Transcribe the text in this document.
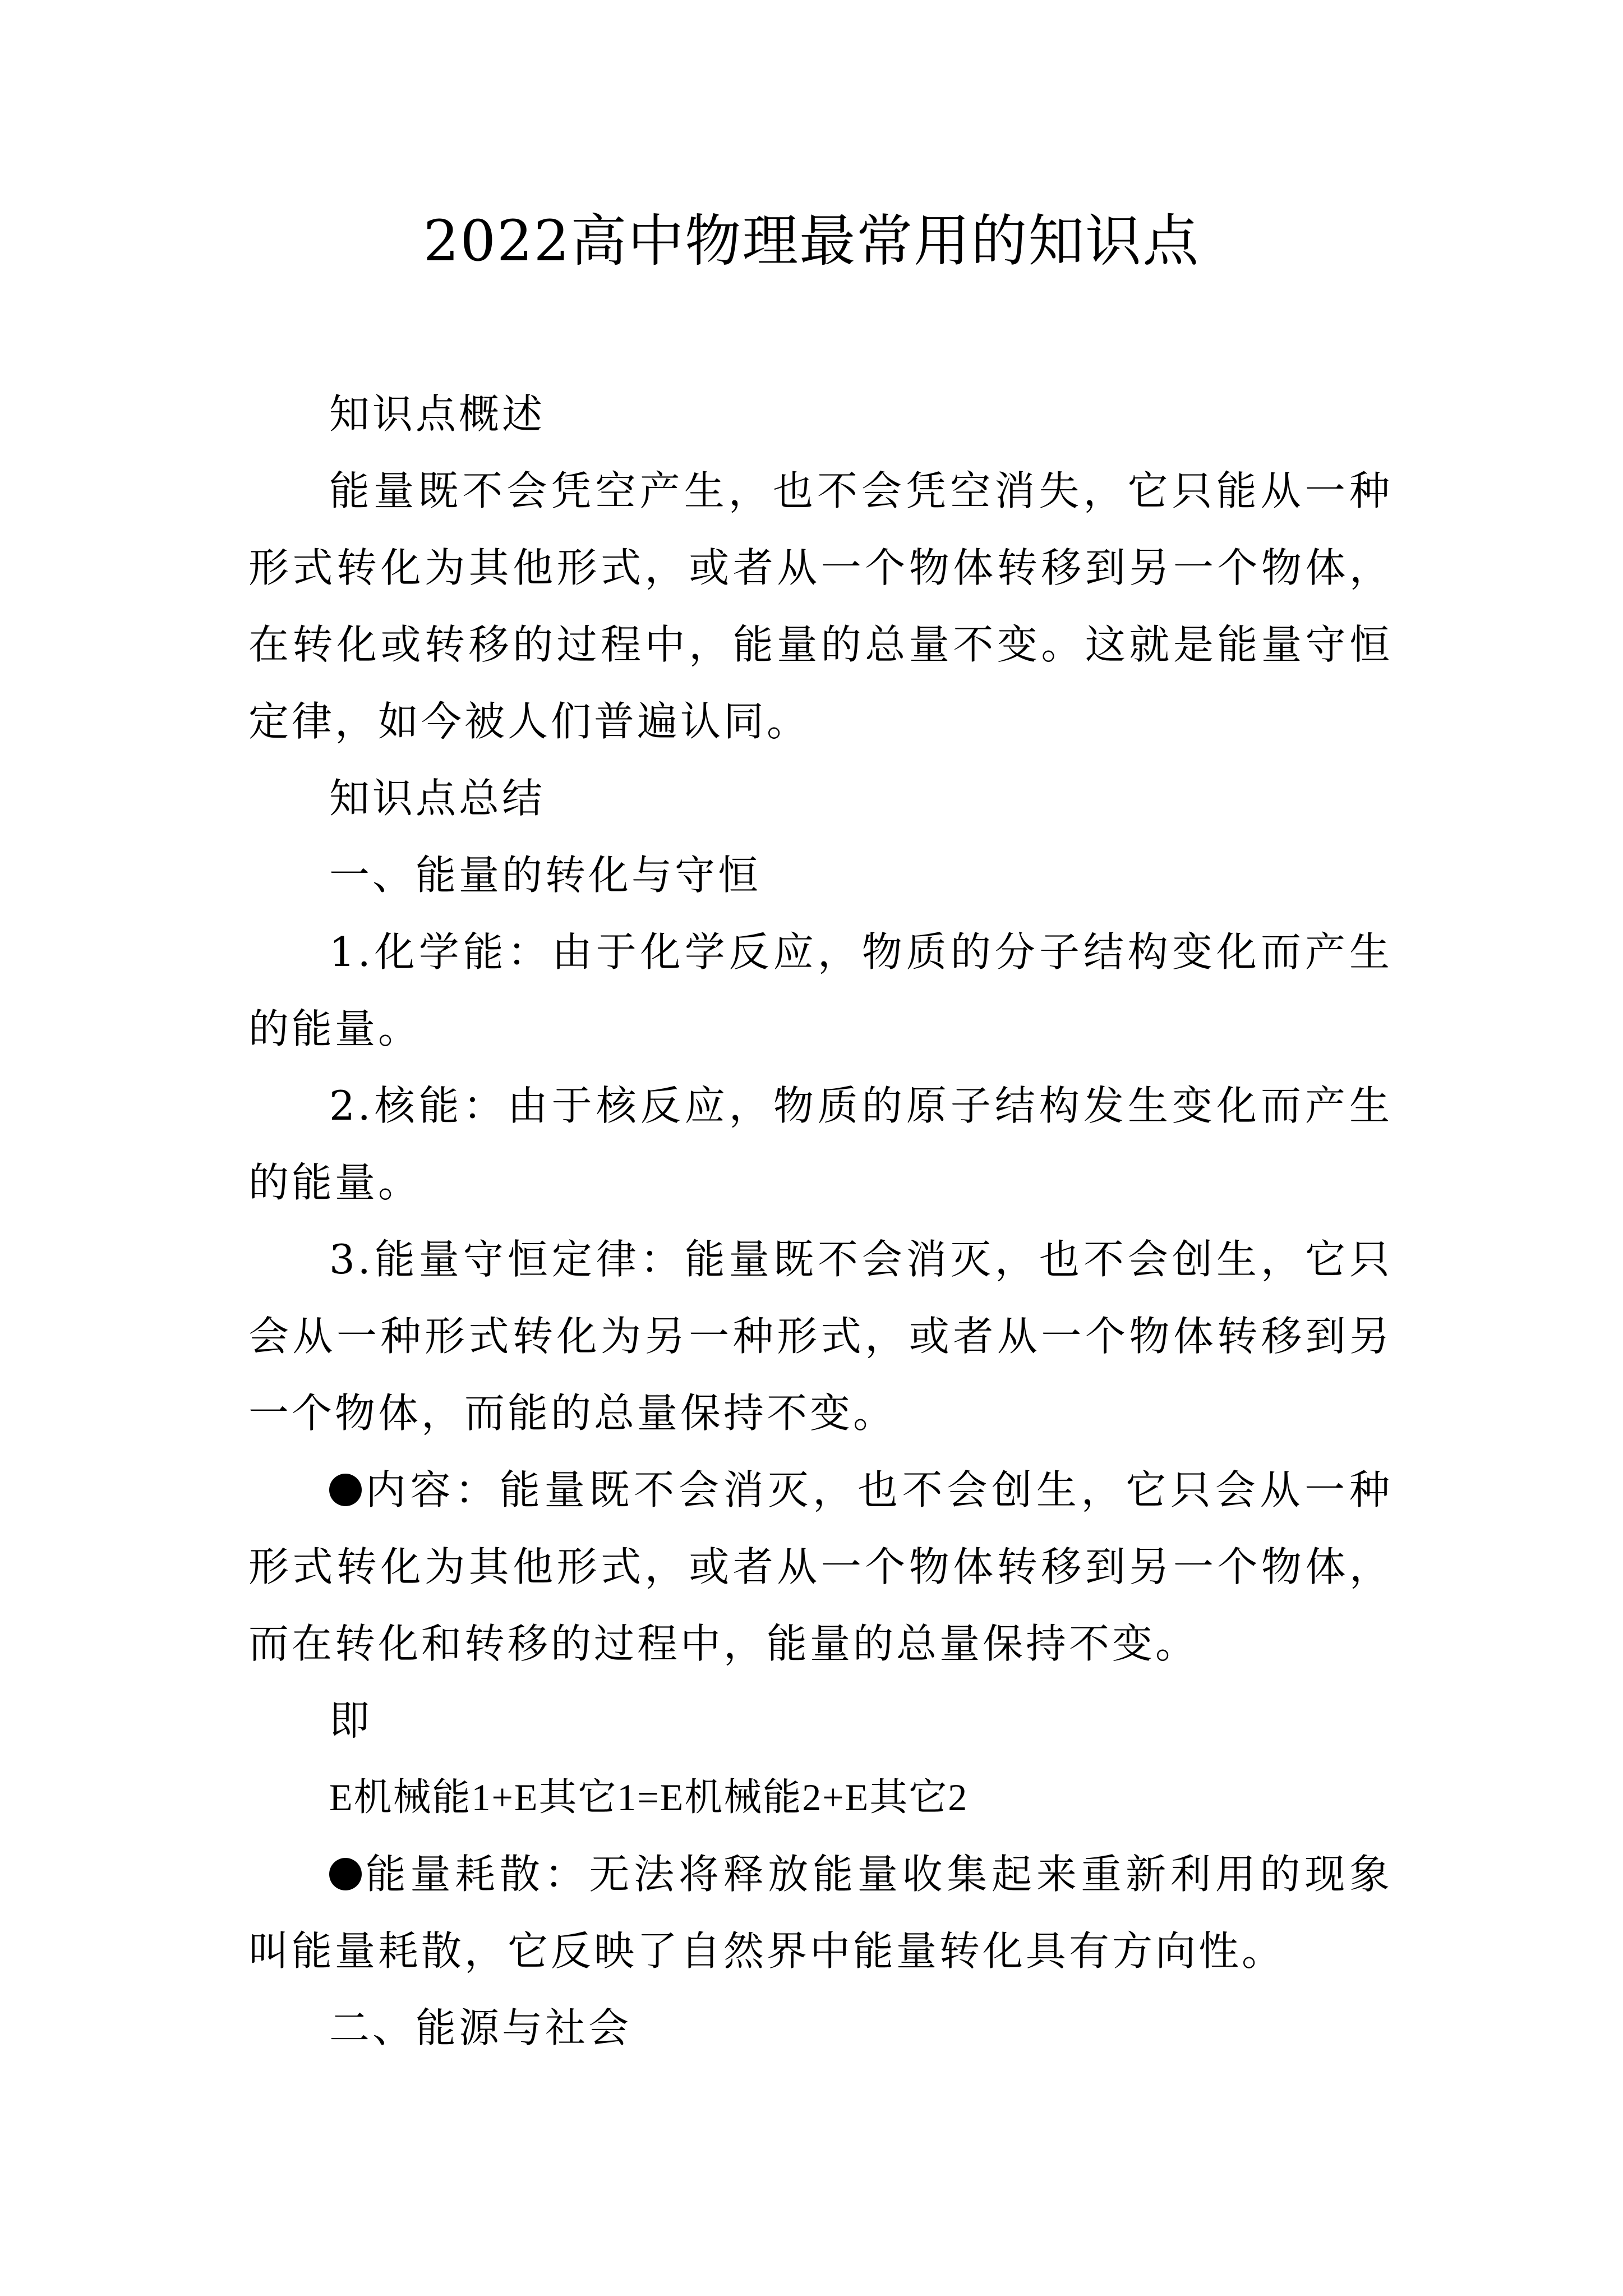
2022高中物理最常用的知识点

知识点概述

能量既不会凭空产生，也不会凭空消失，它只能从一种形式转化为其他形式，或者从一个物体转移到另一个物体，在转化或转移的过程中，能量的总量不变。这就是能量守恒定律，如今被人们普遍认同。

知识点总结

一、能量的转化与守恒

1.化学能：由于化学反应，物质的分子结构变化而产生的能量。

2.核能：由于核反应，物质的原子结构发生变化而产生的能量。

3.能量守恒定律：能量既不会消灭，也不会创生，它只会从一种形式转化为另一种形式，或者从一个物体转移到另一个物体，而能的总量保持不变。

内容：能量既不会消灭，也不会创生，它只会从一种形式转化为其他形式，或者从一个物体转移到另一个物体，而在转化和转移的过程中，能量的总量保持不变。

即

E机械能1+E其它1=E机械能2+E其它2

能量耗散：无法将释放能量收集起来重新利用的现象叫能量耗散，它反映了自然界中能量转化具有方向性。

二、能源与社会
